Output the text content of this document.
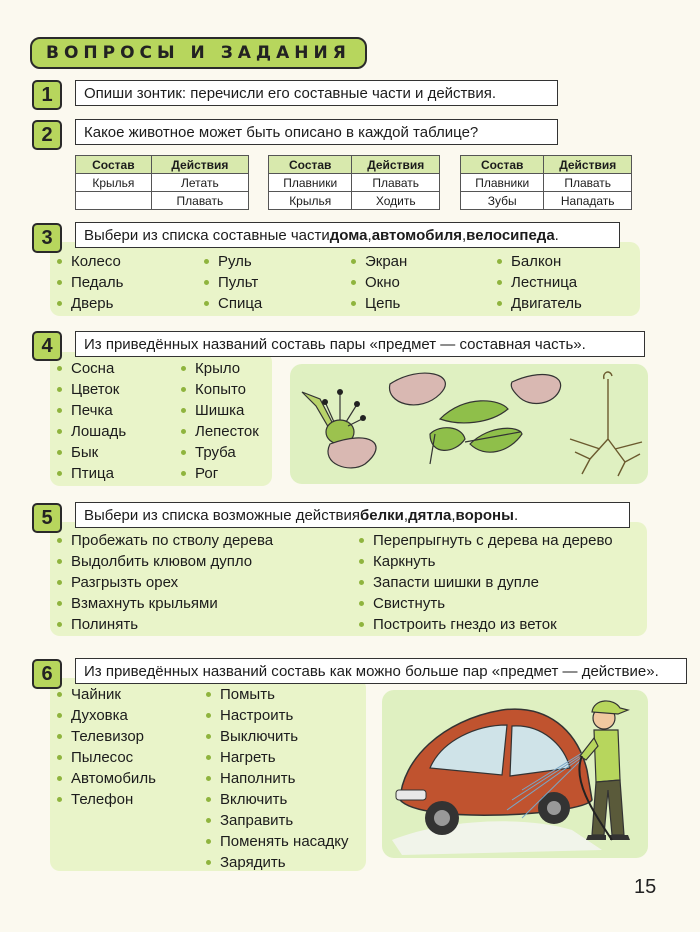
ВОПРОСЫ И ЗАДАНИЯ
1	Опиши зонтик: перечисли его составные части и действия.
2	Какое животное может быть описано в каждой таблице?
Состав	Действия
Крылья	Летать
	Плавать
Состав	Действия
Плавники	Плавать
Крылья	Ходить
Состав	Действия
Плавники	Плавать
Зубы	Нападать
3	Выбери из списка составные части дома , автомобиля , велосипеда .
Колесо
Педаль
Дверь
Руль
Пульт
Спица
Экран
Окно
Цепь
Балкон
Лестница
Двигатель
4	Из приведённых названий составь пары «предмет — составная часть».
Сосна
Цветок
Печка
Лошадь
Бык
Птица
Крыло
Копыто
Шишка
Лепесток
Труба
Рог
5	Выбери из списка возможные действия белки , дятла , вороны .
Пробежать по стволу дерева
Выдолбить клювом дупло
Разгрызть орех
Взмахнуть крыльями
Полинять
Перепрыгнуть с дерева на дерево
Каркнуть
Запасти шишки в дупле
Свистнуть
Построить гнездо из веток
6	Из приведённых названий составь как можно больше пар «предмет — действие».
Чайник
Духовка
Телевизор
Пылесос
Автомобиль
Телефон
Помыть
Настроить
Выключить
Нагреть
Наполнить
Включить
Заправить
Поменять насадку
Зарядить
15
